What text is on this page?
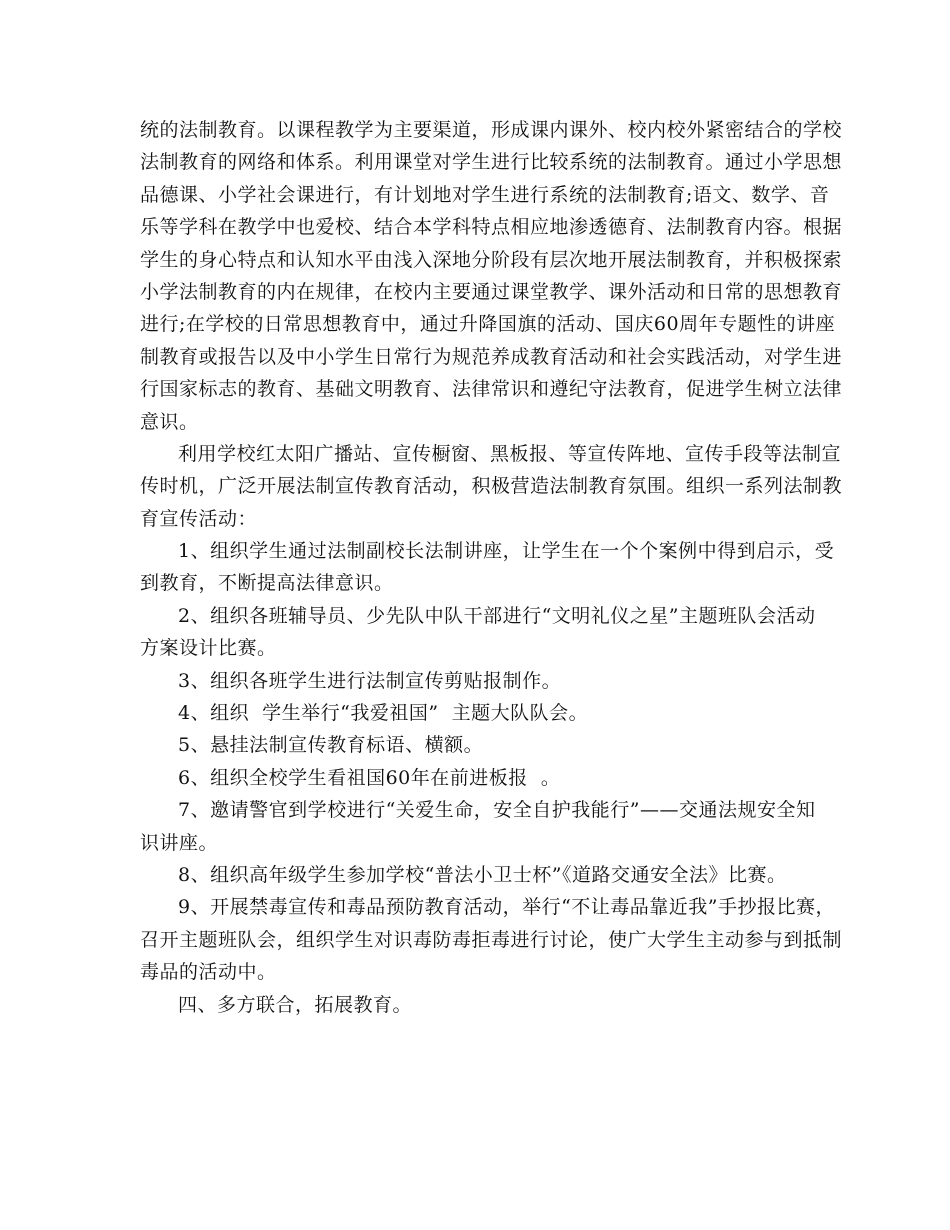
统的法制教育。以课程教学为主要渠道，形成课内课外、校内校外紧密结合的学校
法制教育的网络和体系。利用课堂对学生进行比较系统的法制教育。通过小学思想
品德课、小学社会课进行，有计划地对学生进行系统的法制教育;语文、数学、音
乐等学科在教学中也爱校、结合本学科特点相应地渗透德育、法制教育内容。根据
学生的身心特点和认知水平由浅入深地分阶段有层次地开展法制教育，并积极探索
小学法制教育的内在规律，在校内主要通过课堂教学、课外活动和日常的思想教育
进行;在学校的日常思想教育中，通过升降国旗的活动、国庆60周年专题性的讲座
制教育或报告以及中小学生日常行为规范养成教育活动和社会实践活动，对学生进
行国家标志的教育、基础文明教育、法律常识和遵纪守法教育，促进学生树立法律
意识。
利用学校红太阳广播站、宣传橱窗、黑板报、等宣传阵地、宣传手段等法制宣
传时机，广泛开展法制宣传教育活动，积极营造法制教育氛围。组织一系列法制教
育宣传活动：
1、组织学生通过法制副校长法制讲座，让学生在一个个案例中得到启示，受
到教育，不断提高法律意识。
2、组织各班辅导员、少先队中队干部进行“文明礼仪之星”主题班队会活动
方案设计比赛。
3、组织各班学生进行法制宣传剪贴报制作。
4、组织  学生举行“我爱祖国”  主题大队队会。
5、悬挂法制宣传教育标语、横额。
6、组织全校学生看祖国60年在前进板报  。
7、邀请警官到学校进行“关爱生命，安全自护我能行”——交通法规安全知
识讲座。
8、组织高年级学生参加学校“普法小卫士杯”《道路交通安全法》比赛。
9、开展禁毒宣传和毒品预防教育活动，举行“不让毒品靠近我”手抄报比赛，
召开主题班队会，组织学生对识毒防毒拒毒进行讨论，使广大学生主动参与到抵制
毒品的活动中。
四、多方联合，拓展教育。
